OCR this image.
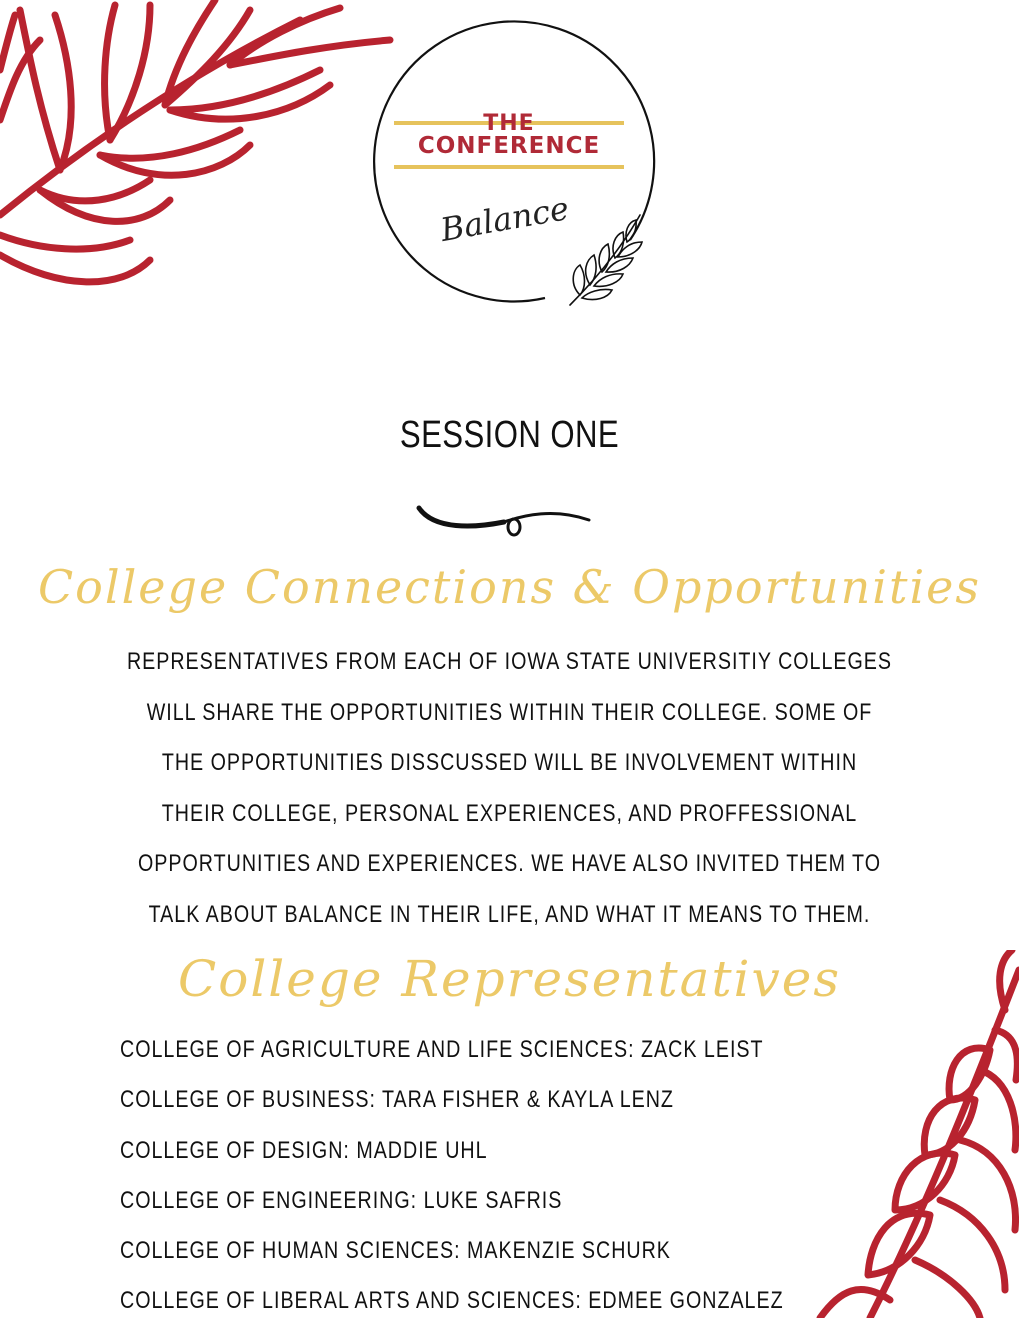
THE
CONFERENCE
Balance
SESSION ONE
College Connections & Opportunities
REPRESENTATIVES FROM EACH OF IOWA STATE UNIVERSITIY COLLEGES
WILL SHARE THE OPPORTUNITIES WITHIN THEIR COLLEGE. SOME OF
THE OPPORTUNITIES DISSCUSSED WILL BE INVOLVEMENT WITHIN
THEIR COLLEGE, PERSONAL EXPERIENCES, AND PROFFESSIONAL
OPPORTUNITIES AND EXPERIENCES. WE HAVE ALSO INVITED THEM TO
TALK ABOUT BALANCE IN THEIR LIFE, AND WHAT IT MEANS TO THEM.
College Representatives
COLLEGE OF AGRICULTURE AND LIFE SCIENCES: ZACK LEIST
COLLEGE OF BUSINESS: TARA FISHER & KAYLA LENZ
COLLEGE OF DESIGN: MADDIE UHL
COLLEGE OF ENGINEERING: LUKE SAFRIS
COLLEGE OF HUMAN SCIENCES: MAKENZIE SCHURK
COLLEGE OF LIBERAL ARTS AND SCIENCES: EDMEE GONZALEZ
